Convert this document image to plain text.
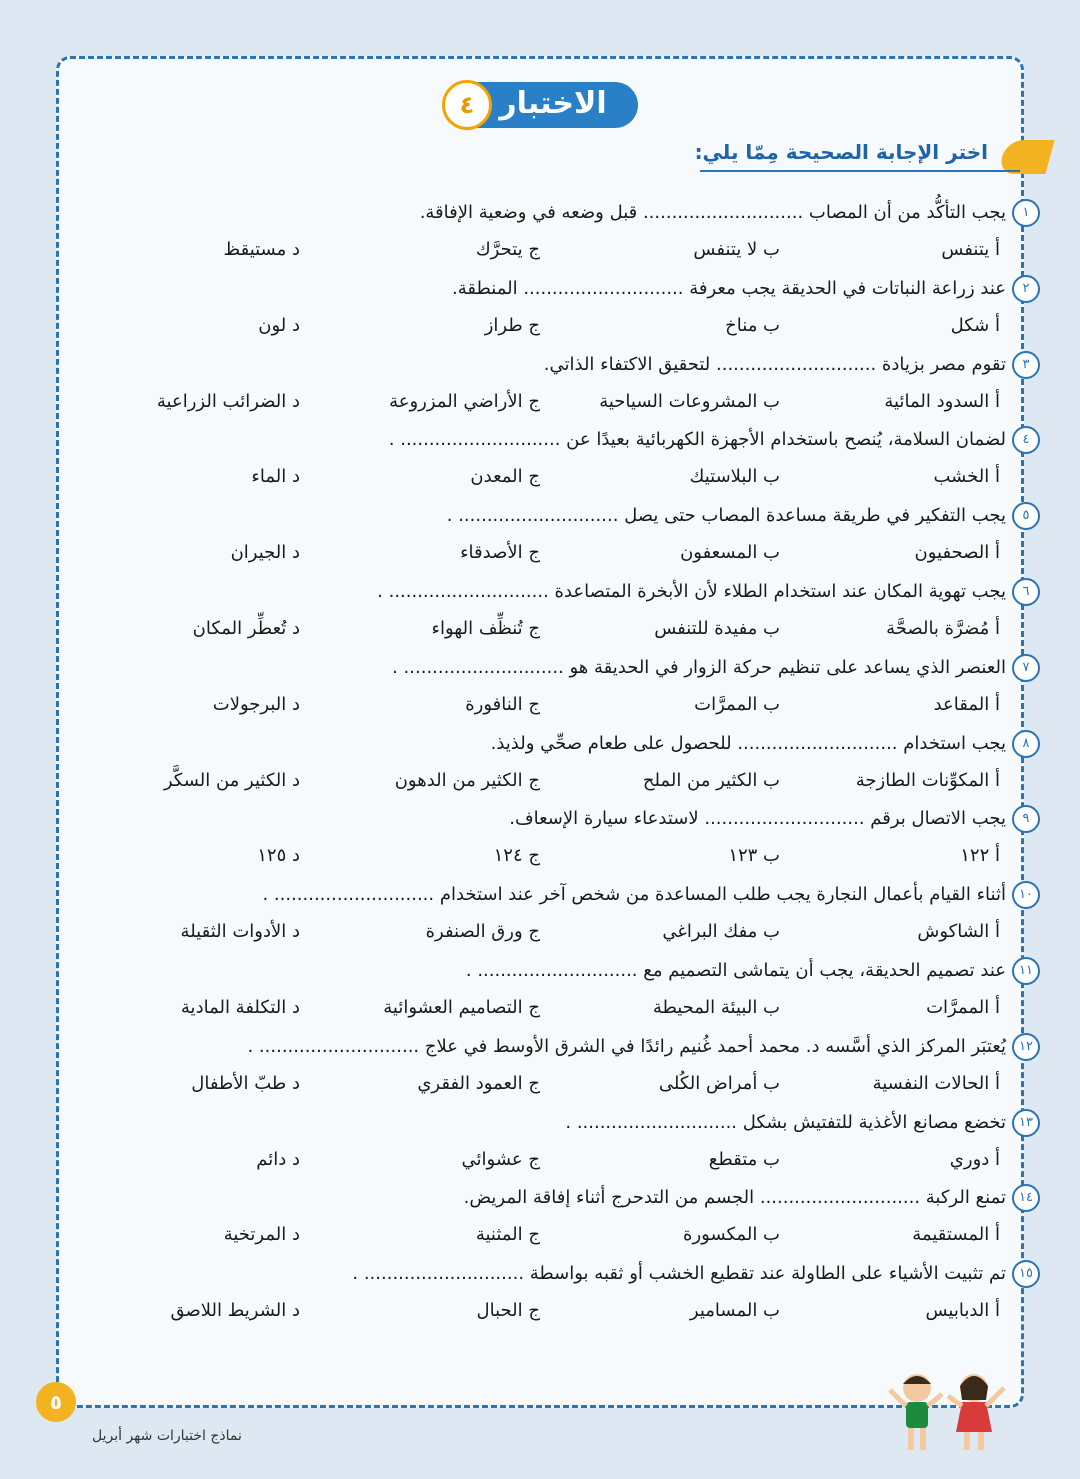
الاختبار
٤
اختر الإجابة الصحيحة مِمّا يلي:
١يجب التأكُّد من أن المصاب ............................ قبل وضعه في وضعية الإفاقة.
أ يتنفس
ب لا يتنفس
ج يتحرَّك
د مستيقظ
٢عند زراعة النباتات في الحديقة يجب معرفة ............................ المنطقة.
أ شكل
ب مناخ
ج طراز
د لون
٣تقوم مصر بزيادة ............................ لتحقيق الاكتفاء الذاتي.
أ السدود المائية
ب المشروعات السياحية
ج الأراضي المزروعة
د الضرائب الزراعية
٤لضمان السلامة، يُنصح باستخدام الأجهزة الكهربائية بعيدًا عن ............................ .
أ الخشب
ب البلاستيك
ج المعدن
د الماء
٥يجب التفكير في طريقة مساعدة المصاب حتى يصل ............................ .
أ الصحفيون
ب المسعفون
ج الأصدقاء
د الجيران
٦يجب تهوية المكان عند استخدام الطلاء لأن الأبخرة المتصاعدة ............................ .
أ مُضرَّة بالصحَّة
ب مفيدة للتنفس
ج تُنظِّف الهواء
د تُعطِّر المكان
٧العنصر الذي يساعد على تنظيم حركة الزوار في الحديقة هو ............................ .
أ المقاعد
ب الممرَّات
ج النافورة
د البرجولات
٨يجب استخدام ............................ للحصول على طعام صحِّي ولذيذ.
أ المكوِّنات الطازجة
ب الكثير من الملح
ج الكثير من الدهون
د الكثير من السكَّر
٩يجب الاتصال برقم ............................ لاستدعاء سيارة الإسعاف.
أ ١٢٢
ب ١٢٣
ج ١٢٤
د ١٢٥
١٠أثناء القيام بأعمال النجارة يجب طلب المساعدة من شخص آخر عند استخدام ............................ .
أ الشاكوش
ب مفك البراغي
ج ورق الصنفرة
د الأدوات الثقيلة
١١عند تصميم الحديقة، يجب أن يتماشى التصميم مع ............................ .
أ الممرَّات
ب البيئة المحيطة
ج التصاميم العشوائية
د التكلفة المادية
١٢يُعتبَر المركز الذي أسَّسه د. محمد أحمد غُنيم رائدًا في الشرق الأوسط في علاج ............................ .
أ الحالات النفسية
ب أمراض الكُلى
ج العمود الفقري
د طبّ الأطفال
١٣تخضع مصانع الأغذية للتفتيش بشكل ............................ .
أ دوري
ب متقطع
ج عشوائي
د دائم
١٤تمنع الركبة ............................ الجسم من التدحرج أثناء إفاقة المريض.
أ المستقيمة
ب المكسورة
ج المثنية
د المرتخية
١٥تم تثبيت الأشياء على الطاولة عند تقطيع الخشب أو ثقبه بواسطة ............................ .
أ الدبابيس
ب المسامير
ج الحبال
د الشريط اللاصق
٥
نماذج اختبارات شهر أبريل
